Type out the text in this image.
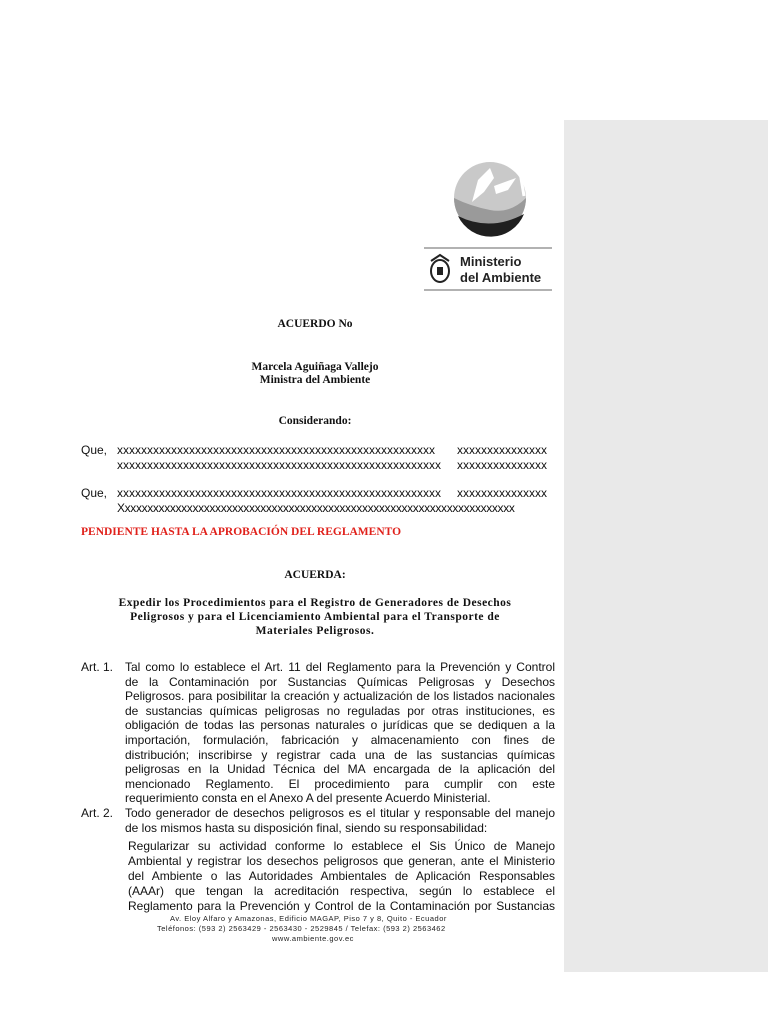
Ministerio
del Ambiente
ACUERDO No
Marcela Aguiñaga Vallejo
Ministra del Ambiente
Considerando:
Que, xxxxxxxxxxxxxxxxxxxxxxxxxxxxxxxxxxxxxxxxxxxxxxxxxxxxx xxxxxxxxxxxxxxx
xxxxxxxxxxxxxxxxxxxxxxxxxxxxxxxxxxxxxxxxxxxxxxxxxxxxxx xxxxxxxxxxxxxxx
Que, xxxxxxxxxxxxxxxxxxxxxxxxxxxxxxxxxxxxxxxxxxxxxxxxxxxxxx xxxxxxxxxxxxxxx
Xxxxxxxxxxxxxxxxxxxxxxxxxxxxxxxxxxxxxxxxxxxxxxxxxxxxxxxxxxxxxxxxxxxxxx
PENDIENTE HASTA LA APROBACIÓN DEL REGLAMENTO
ACUERDA:
Expedir los Procedimientos para el Registro de Generadores de Desechos
Peligrosos y para el Licenciamiento Ambiental para el Transporte de
Materiales Peligrosos.
Art. 1. Tal como lo establece el Art. 11 del Reglamento para la Prevención y Control
de la Contaminación por Sustancias Químicas Peligrosas y Desechos
Peligrosos. para posibilitar la creación y actualización de los listados nacionales
de sustancias químicas peligrosas no reguladas por otras instituciones, es
obligación de todas las personas naturales o jurídicas que se dediquen a la
importación, formulación, fabricación y almacenamiento con fines de
distribución; inscribirse y registrar cada una de las sustancias químicas
peligrosas en la Unidad Técnica del MA encargada de la aplicación del
mencionado Reglamento. El procedimiento para cumplir con este
requerimiento consta en el Anexo A del presente Acuerdo Ministerial.
Art. 2. Todo generador de desechos peligrosos es el titular y responsable del manejo
de los mismos hasta su disposición final, siendo su responsabilidad:
Regularizar su actividad conforme lo establece el Sis Único de Manejo
Ambiental y registrar los desechos peligrosos que generan, ante el Ministerio
del Ambiente o las Autoridades Ambientales de Aplicación Responsables
(AAAr) que tengan la acreditación respectiva, según lo establece el
Reglamento para la Prevención y Control de la Contaminación por Sustancias
Av. Eloy Alfaro y Amazonas, Edificio MAGAP, Piso 7 y 8, Quito - Ecuador
Teléfonos: (593 2) 2563429 - 2563430 - 2529845 / Telefax: (593 2) 2563462
www.ambiente.gov.ec
